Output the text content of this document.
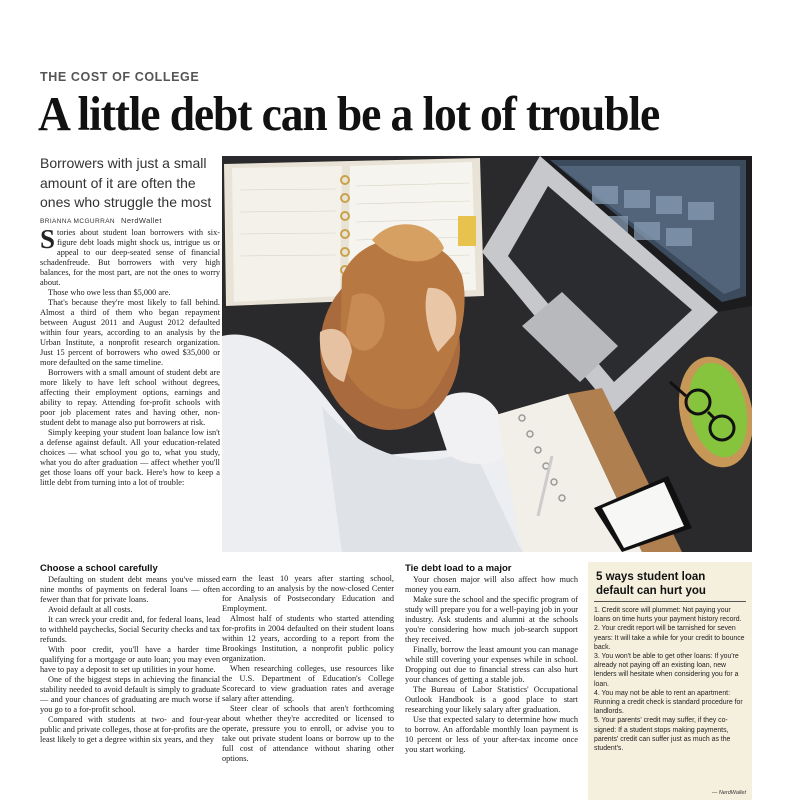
THE COST OF COLLEGE
A little debt can be a lot of trouble
Borrowers with just a small amount of it are often the ones who struggle the most
BRIANNA MCGURRAN NerdWallet

Stories about student loan borrowers with six-figure debt loads might shock us, intrigue us or appeal to our deep-seated sense of financial schadenfreude. But borrowers with very high balances, for the most part, are not the ones to worry about.

Those who owe less than $5,000 are.

That's because they're most likely to fall behind. Almost a third of them who began repayment between August 2011 and August 2012 defaulted within four years, according to an analysis by the Urban Institute, a nonprofit research organization. Just 15 percent of borrowers who owed $35,000 or more defaulted on the same timeline.

Borrowers with a small amount of student debt are more likely to have left school without degrees, affecting their employment options, earnings and ability to repay. Attending for-profit schools with poor job placement rates and having other, non-student debt to manage also put borrowers at risk.

Simply keeping your student loan balance low isn't a defense against default. All your education-related choices — what school you go to, what you study, what you do after graduation — affect whether you'll get those loans off your back. Here's how to keep a little debt from turning into a lot of trouble:

Choose a school carefully

Defaulting on student debt means you've missed nine months of payments on federal loans — often fewer than that for private loans.

Avoid default at all costs.

It can wreck your credit and, for federal loans, lead to withheld paychecks, Social Security checks and tax refunds.

With poor credit, you'll have a harder time qualifying for a mortgage or auto loan; you may even have to pay a deposit to set up utilities in your home.

One of the biggest steps in achieving the financial stability needed to avoid default is simply to graduate — and your chances of graduating are much worse if you go to a for-profit school.

Compared with students at two- and four-year public and private colleges, those at for-profits are the least likely to get a degree within six years, and they

earn the least 10 years after starting school, according to an analysis by the now-closed Center for Analysis of Postsecondary Education and Employment.

Almost half of students who started attending for-profits in 2004 defaulted on their student loans within 12 years, according to a report from the Brookings Institution, a nonprofit public policy organization.

When researching colleges, use resources like the U.S. Department of Education's College Scorecard to view graduation rates and average salary after attending.

Steer clear of schools that aren't forthcoming about whether they're accredited or licensed to operate, pressure you to enroll, or advise you to take out private student loans or borrow up to the full cost of attendance without sharing other options.

Tie debt load to a major

Your chosen major will also affect how much money you earn.

Make sure the school and the specific program of study will prepare you for a well-paying job in your industry. Ask students and alumni at the schools you're considering how much job-search support they received.

Finally, borrow the least amount you can manage while still covering your expenses while in school. Dropping out due to financial stress can also hurt your chances of getting a stable job.

The Bureau of Labor Statistics' Occupational Outlook Handbook is a good place to start researching your likely salary after graduation.

Use that expected salary to determine how much to borrow. An affordable monthly loan payment is 10 percent or less of your after-tax income once you start working.

5 ways student loan default can hurt you
1. Credit score will plummet: Not paying your loans on time hurts your payment history record.
2. Your credit report will be tarnished for seven years: It will take a while for your credit to bounce back.
3. You won't be able to get other loans: If you're already not paying off an existing loan, new lenders will hesitate when considering you for a loan.
4. You may not be able to rent an apartment: Running a credit check is standard procedure for landlords.
5. Your parents' credit may suffer, if they co-signed: If a student stops making payments, parents' credit can suffer just as much as the student's.
— NerdWallet
